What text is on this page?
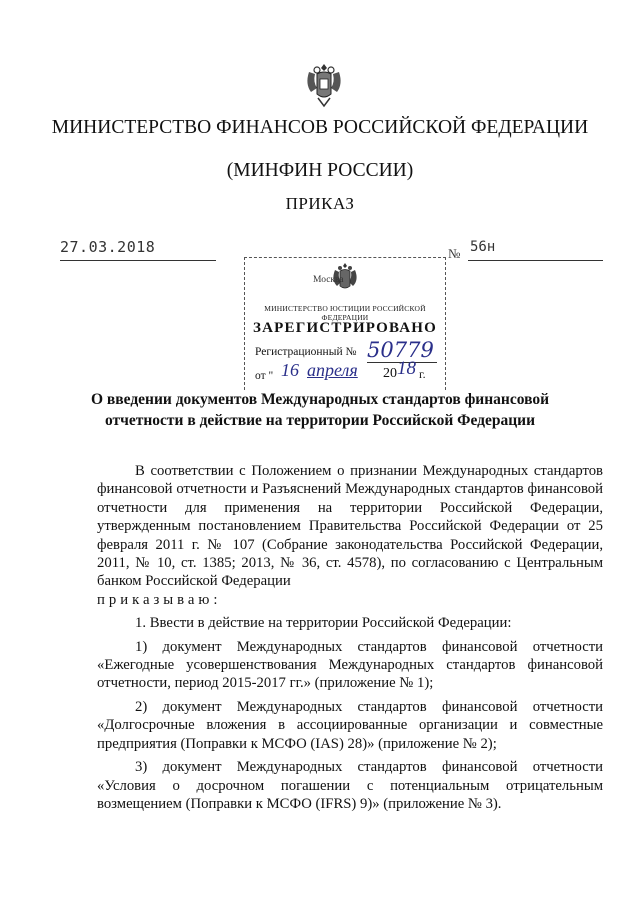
МИНИСТЕРСТВО ФИНАНСОВ РОССИЙСКОЙ ФЕДЕРАЦИИ
(МИНФИН РОССИИ)
ПРИКАЗ
27.03.2018	№ 56н
Москва
МИНИСТЕРСТВО ЮСТИЦИИ РОССИЙСКОЙ ФЕДЕРАЦИИ
ЗАРЕГИСТРИРОВАНО
Регистрационный № 50779
от " 16 апреля 20 18 г.
О введении документов Международных стандартов финансовой
отчетности в действие на территории Российской Федерации

В соответствии с Положением о признании Международных стандартов финансовой отчетности и Разъяснений Международных стандартов финансовой отчетности для применения на территории Российской Федерации, утвержденным постановлением Правительства Российской Федерации от 25 февраля 2011 г. № 107 (Собрание законодательства Российской Федерации, 2011, № 10, ст. 1385; 2013, № 36, ст. 4578), по согласованию с Центральным банком Российской Федерации

приказываю:

1. Ввести в действие на территории Российской Федерации:

1) документ Международных стандартов финансовой отчетности «Ежегодные усовершенствования Международных стандартов финансовой отчетности, период 2015-2017 гг.» (приложение № 1);

2) документ Международных стандартов финансовой отчетности «Долгосрочные вложения в ассоциированные организации и совместные предприятия (Поправки к МСФО (IAS) 28)» (приложение № 2);

3) документ Международных стандартов финансовой отчетности «Условия о досрочном погашении с потенциальным отрицательным возмещением (Поправки к МСФО (IFRS) 9)» (приложение № 3).
